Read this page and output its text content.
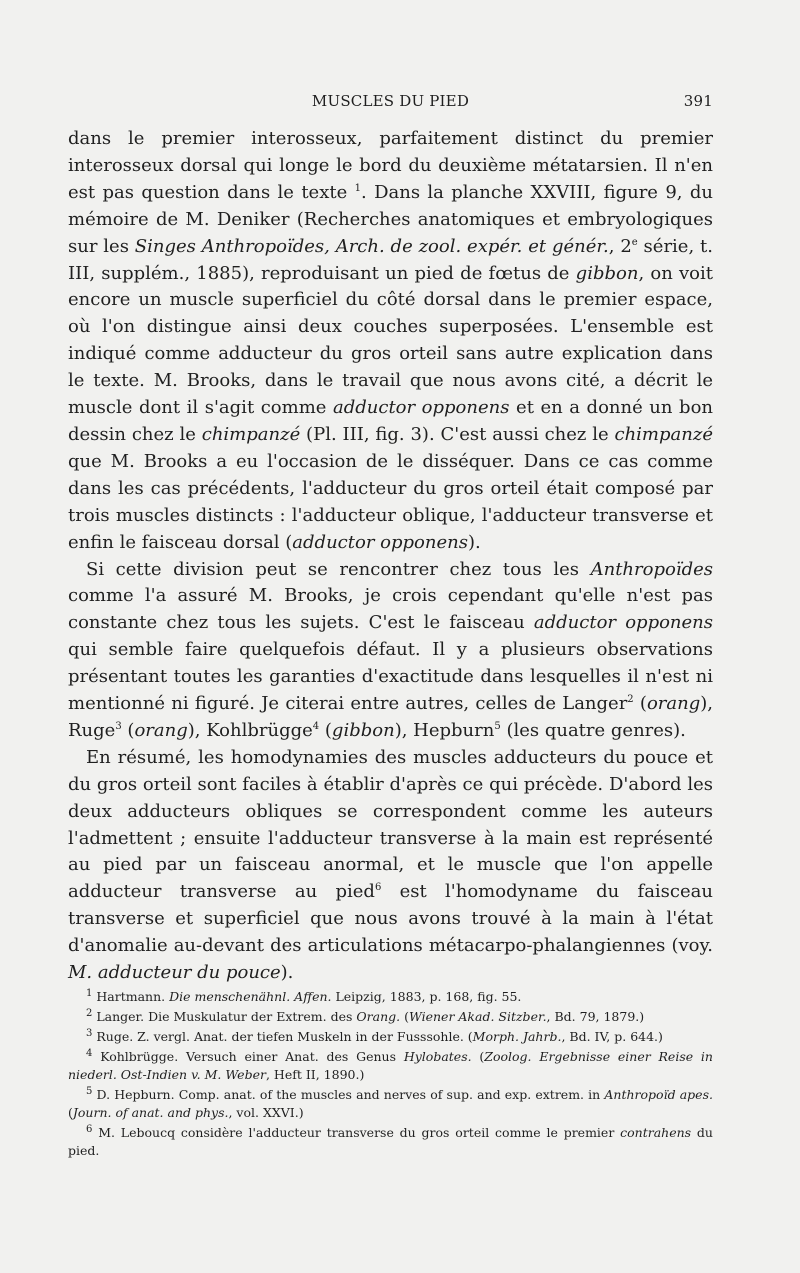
MUSCLES DU PIED	391

dans le premier interosseux, parfaitement distinct du premier interosseux dorsal qui longe le bord du deuxième métatarsien. Il n'en est pas question dans le texte $^1$. Dans la planche XXVIII, figure 9, du mémoire de M. Deniker (Recherches anatomiques et embryologiques sur les Singes Anthropoïdes, Arch. de zool. expér. et génér., 2e série, t. III, supplém., 1885), reproduisant un pied de fœtus de gibbon, on voit encore un muscle superficiel du côté dorsal dans le premier espace, où l'on distingue ainsi deux couches superposées. L'ensemble est indiqué comme adducteur du gros orteil sans autre explication dans le texte. M. Brooks, dans le travail que nous avons cité, a décrit le muscle dont il s'agit comme adductor opponens et en a donné un bon dessin chez le chimpanzé (Pl. III, fig. 3). C'est aussi chez le chimpanzé que M. Brooks a eu l'occasion de le disséquer. Dans ce cas comme dans les cas précédents, l'adducteur du gros orteil était composé par trois muscles distincts : l'adducteur oblique, l'adducteur transverse et enfin le faisceau dorsal (adductor opponens).

Si cette division peut se rencontrer chez tous les Anthropoïdes comme l'a assuré M. Brooks, je crois cependant qu'elle n'est pas constante chez tous les sujets. C'est le faisceau adductor opponens qui semble faire quelquefois défaut. Il y a plusieurs observations présentant toutes les garanties d'exactitude dans lesquelles il n'est ni mentionné ni figuré. Je citerai entre autres, celles de Langer$^2$ (orang), Ruge$^3$ (orang), Kohlbrügge$^4$ (gibbon), Hepburn$^5$ (les quatre genres).

En résumé, les homodynamies des muscles adducteurs du pouce et du gros orteil sont faciles à établir d'après ce qui précède. D'abord les deux adducteurs obliques se correspondent comme les auteurs l'admettent ; ensuite l'adducteur transverse à la main est représenté au pied par un faisceau anormal, et le muscle que l'on appelle adducteur transverse au pied$^6$ est l'homodyname du faisceau transverse et superficiel que nous avons trouvé à la main à l'état d'anomalie au-devant des articulations métacarpo-phalangiennes (voy. M. adducteur du pouce).

$^1$ Hartmann. Die menschenähnl. Affen. Leipzig, 1883, p. 168, fig. 55.

$^2$ Langer. Die Muskulatur der Extrem. des Orang. (Wiener Akad. Sitzber., Bd. 79, 1879.)

$^3$ Ruge. Z. vergl. Anat. der tiefen Muskeln in der Fusssohle. (Morph. Jahrb., Bd. IV, p. 644.)

$^4$ Kohlbrügge. Versuch einer Anat. des Genus Hylobates. (Zoolog. Ergebnisse einer Reise in niederl. Ost-Indien v. M. Weber, Heft II, 1890.)

$^5$ D. Hepburn. Comp. anat. of the muscles and nerves of sup. and exp. extrem. in Anthropoïd apes. (Journ. of anat. and phys., vol. XXVI.)

$^6$ M. Leboucq considère l'adducteur transverse du gros orteil comme le premier contrahens du pied.
